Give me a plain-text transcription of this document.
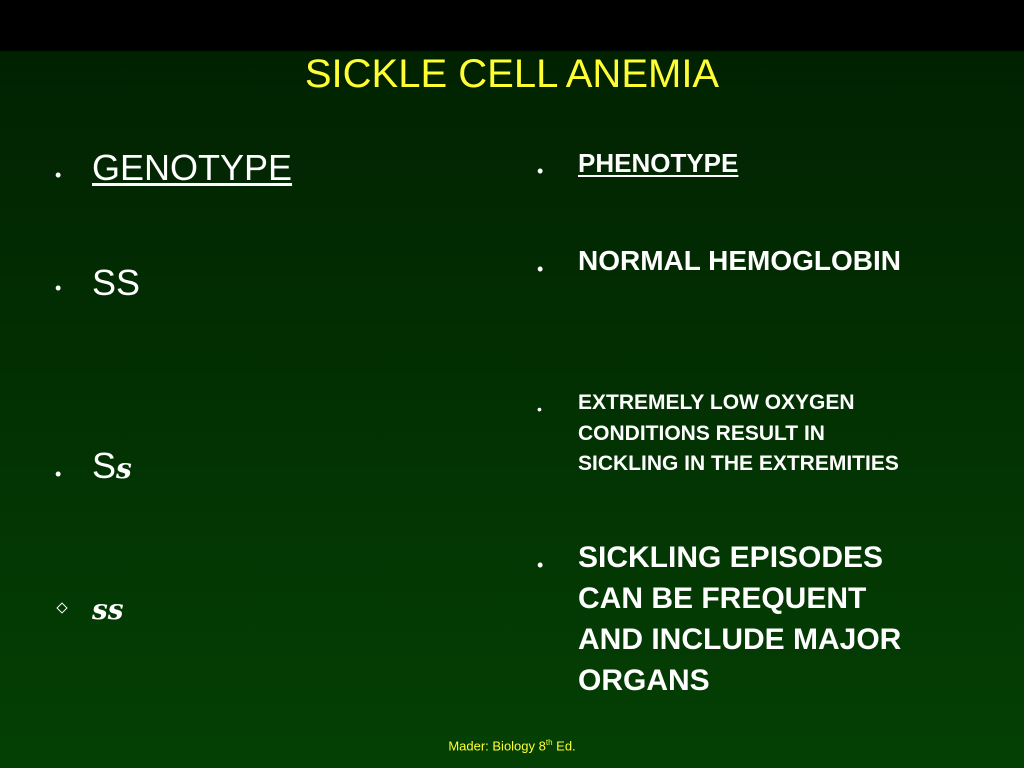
SICKLE CELL ANEMIA
• GENOTYPE
• SS
• Ss
ss
• PHENOTYPE
• NORMAL HEMOGLOBIN
• EXTREMELY LOW OXYGEN
CONDITIONS RESULT IN
SICKLING IN THE EXTREMITIES
• SICKLING EPISODES
CAN BE FREQUENT
AND INCLUDE MAJOR
ORGANS
Mader: Biology 8th Ed.
